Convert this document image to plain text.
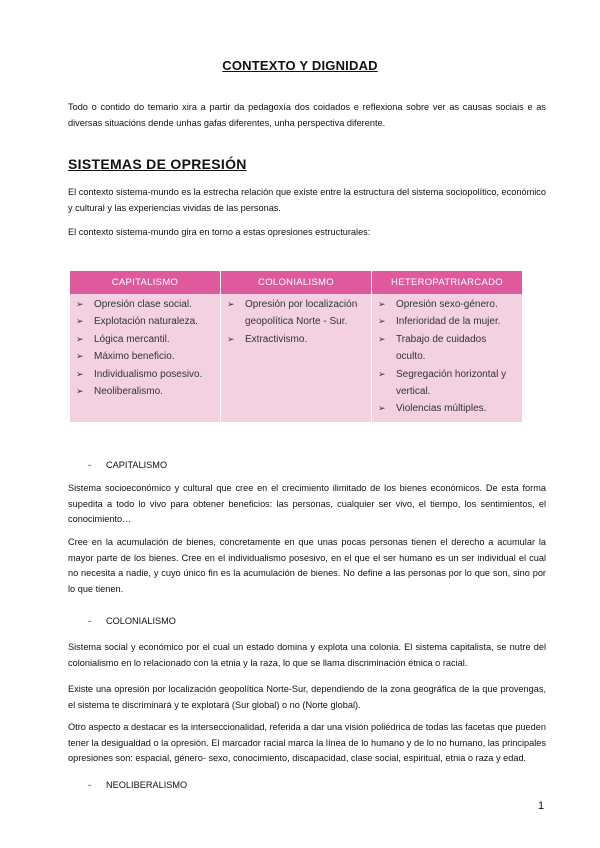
CONTEXTO Y DIGNIDAD

Todo o contido do temario xira a partir da pedagoxía dos coidados e reflexiona sobre ver as causas sociais e as diversas situacións dende unhas gafas diferentes, unha perspectiva diferente.

SISTEMAS DE OPRESIÓN

El contexto sistema-mundo es la estrecha relación que existe entre la estructura del sistema sociopolítico, económico y cultural y las experiencias vividas de las personas.

El contexto sistema-mundo gira en torno a estas opresiones estructurales:

CAPITALISMO
➢ Opresión clase social.
➢ Explotación naturaleza.
➢ Lógica mercantil.
➢ Máximo beneficio.
➢ Individualismo posesivo.
➢ Neoliberalismo.
COLONIALISMO
➢ Opresión por localización geopolítica Norte - Sur.
➢ Extractivismo.
HETEROPATRIARCADO
➢ Opresión sexo-género.
➢ Inferioridad de la mujer.
➢ Trabajo de cuidados oculto.
➢ Segregación horizontal y vertical.
➢ Violencias múltiples.
- CAPITALISMO

Sistema socioeconómico y cultural que cree en el crecimiento ilimitado de los bienes económicos. De esta forma supedita a todo lo vivo para obtener beneficios: las personas, cualquier ser vivo, el tiempo, los sentimientos, el conocimiento…

Cree en la acumulación de bienes, concretamente en que unas pocas personas tienen el derecho a acumular la mayor parte de los bienes. Cree en el individualismo posesivo, en el que el ser humano es un ser individual el cual no necesita a nadie, y cuyo único fin es la acumulación de bienes. No define a las personas por lo que son, sino por lo que tienen.

- COLONIALISMO

Sistema social y económico por el cual un estado domina y explota una colonia. El sistema capitalista, se nutre del colonialismo en lo relacionado con la etnia y la raza, lo que se llama discriminación étnica o racial.

Existe una opresión por localización geopolítica Norte-Sur, dependiendo de la zona geográfica de la que provengas, el sistema te discriminará y te explotará (Sur global) o no (Norte global).

Otro aspecto a destacar es la interseccionalidad, referida a dar una visión poliédrica de todas las facetas que pueden tener la desigualdad o la opresión. El marcador racial marca la línea de lo humano y de lo no humano, las principales opresiones son: espacial, género- sexo, conocimiento, discapacidad, clase social, espiritual, etnia o raza y edad.

- NEOLIBERALISMO
1
